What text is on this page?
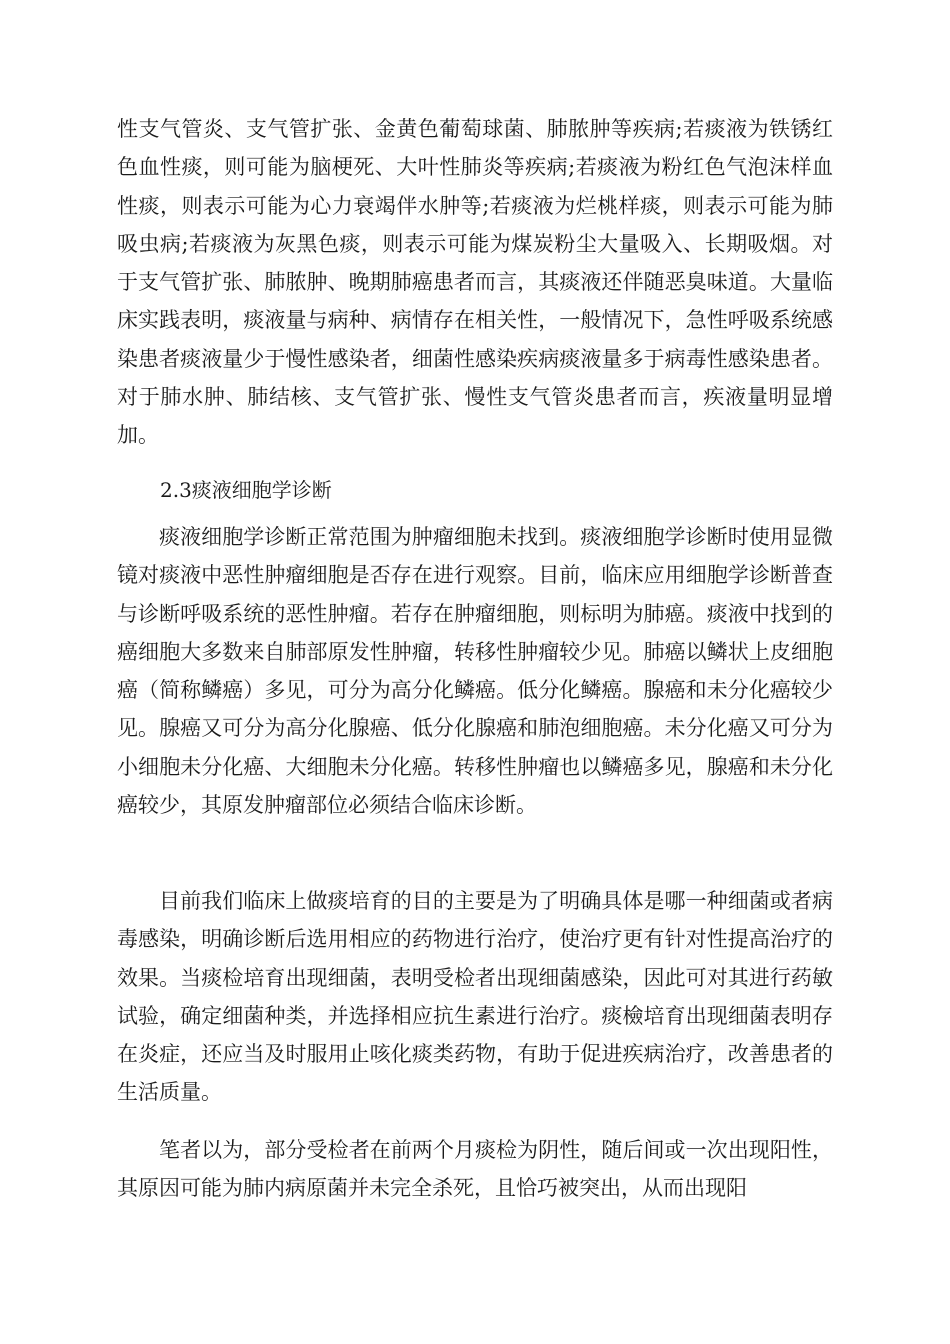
性支气管炎、支气管扩张、金黄色葡萄球菌、肺脓肿等疾病;若痰液为铁锈红色血性痰，则可能为脑梗死、大叶性肺炎等疾病;若痰液为粉红色气泡沫样血性痰，则表示可能为心力衰竭伴水肿等;若痰液为烂桃样痰，则表示可能为肺吸虫病;若痰液为灰黑色痰，则表示可能为煤炭粉尘大量吸入、长期吸烟。对于支气管扩张、肺脓肿、晚期肺癌患者而言，其痰液还伴随恶臭味道。大量临床实践表明，痰液量与病种、病情存在相关性，一般情况下，急性呼吸系统感染患者痰液量少于慢性感染者，细菌性感染疾病痰液量多于病毒性感染患者。对于肺水肿、肺结核、支气管扩张、慢性支气管炎患者而言，疾液量明显增加。

2.3痰液细胞学诊断

痰液细胞学诊断正常范围为肿瘤细胞未找到。痰液细胞学诊断时使用显微镜对痰液中恶性肿瘤细胞是否存在进行观察。目前，临床应用细胞学诊断普查与诊断呼吸系统的恶性肿瘤。若存在肿瘤细胞，则标明为肺癌。痰液中找到的癌细胞大多数来自肺部原发性肿瘤，转移性肿瘤较少见。肺癌以鳞状上皮细胞癌（简称鳞癌）多见，可分为高分化鳞癌。低分化鳞癌。腺癌和未分化癌较少见。腺癌又可分为高分化腺癌、低分化腺癌和肺泡细胞癌。未分化癌又可分为小细胞未分化癌、大细胞未分化癌。转移性肿瘤也以鳞癌多见，腺癌和未分化癌较少，其原发肿瘤部位必须结合临床诊断。

目前我们临床上做痰培育的目的主要是为了明确具体是哪一种细菌或者病毒感染，明确诊断后选用相应的药物进行治疗，使治疗更有针对性提高治疗的效果。当痰检培育出现细菌，表明受检者出现细菌感染，因此可对其进行药敏试验，确定细菌种类，并选择相应抗生素进行治疗。痰檢培育出现细菌表明存在炎症，还应当及时服用止咳化痰类药物，有助于促进疾病治疗，改善患者的生活质量。

笔者以为，部分受检者在前两个月痰检为阴性，随后间或一次出现阳性，其原因可能为肺内病原菌并未完全杀死，且恰巧被突出，从而出现阳
